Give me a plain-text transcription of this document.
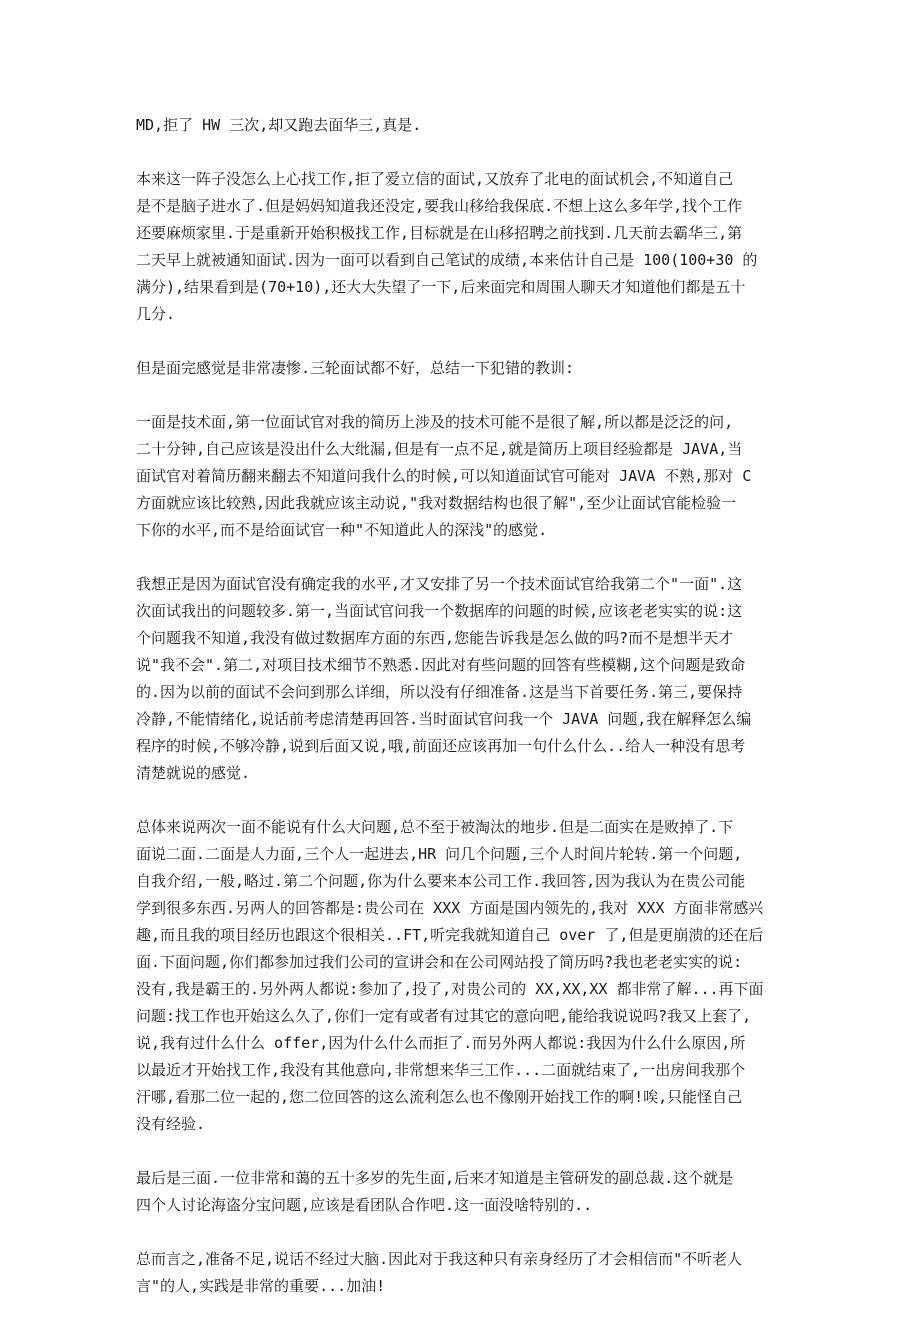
MD,拒了 HW 三次,却又跑去面华三,真是.
本来这一阵子没怎么上心找工作,拒了爱立信的面试,又放弃了北电的面试机会,不知道自己
是不是脑子进水了.但是妈妈知道我还没定,要我山移给我保底.不想上这么多年学,找个工作
还要麻烦家里.于是重新开始积极找工作,目标就是在山移招聘之前找到.几天前去霸华三,第
二天早上就被通知面试.因为一面可以看到自己笔试的成绩,本来估计自己是 100(100+30 的
满分),结果看到是(70+10),还大大失望了一下,后来面完和周围人聊天才知道他们都是五十
几分.
但是面完感觉是非常凄惨.三轮面试都不好，总结一下犯错的教训:
一面是技术面,第一位面试官对我的简历上涉及的技术可能不是很了解,所以都是泛泛的问,
二十分钟,自己应该是没出什么大纰漏,但是有一点不足,就是简历上项目经验都是 JAVA,当
面试官对着简历翻来翻去不知道问我什么的时候,可以知道面试官可能对 JAVA 不熟,那对 C
方面就应该比较熟,因此我就应该主动说,"我对数据结构也很了解",至少让面试官能检验一
下你的水平,而不是给面试官一种"不知道此人的深浅"的感觉.
我想正是因为面试官没有确定我的水平,才又安排了另一个技术面试官给我第二个"一面".这
次面试我出的问题较多.第一,当面试官问我一个数据库的问题的时候,应该老老实实的说:这
个问题我不知道,我没有做过数据库方面的东西,您能告诉我是怎么做的吗?而不是想半天才
说"我不会".第二,对项目技术细节不熟悉.因此对有些问题的回答有些模糊,这个问题是致命
的.因为以前的面试不会问到那么详细，所以没有仔细准备.这是当下首要任务.第三,要保持
冷静,不能情绪化,说话前考虑清楚再回答.当时面试官问我一个 JAVA 问题,我在解释怎么编
程序的时候,不够冷静,说到后面又说,哦,前面还应该再加一句什么什么..给人一种没有思考
清楚就说的感觉.
总体来说两次一面不能说有什么大问题,总不至于被淘汰的地步.但是二面实在是败掉了.下
面说二面.二面是人力面,三个人一起进去,HR 问几个问题,三个人时间片轮转.第一个问题,
自我介绍,一般,略过.第二个问题,你为什么要来本公司工作.我回答,因为我认为在贵公司能
学到很多东西.另两人的回答都是:贵公司在 XXX 方面是国内领先的,我对 XXX 方面非常感兴
趣,而且我的项目经历也跟这个很相关..FT,听完我就知道自己 over 了,但是更崩溃的还在后
面.下面问题,你们都参加过我们公司的宣讲会和在公司网站投了简历吗?我也老老实实的说:
没有,我是霸王的.另外两人都说:参加了,投了,对贵公司的 XX,XX,XX 都非常了解...再下面
问题:找工作也开始这么久了,你们一定有或者有过其它的意向吧,能给我说说吗?我又上套了,
说,我有过什么什么 offer,因为什么什么而拒了.而另外两人都说:我因为什么什么原因,所
以最近才开始找工作,我没有其他意向,非常想来华三工作...二面就结束了,一出房间我那个
汗哪,看那二位一起的,您二位回答的这么流利怎么也不像刚开始找工作的啊!唉,只能怪自己
没有经验.
最后是三面.一位非常和蔼的五十多岁的先生面,后来才知道是主管研发的副总裁.这个就是
四个人讨论海盗分宝问题,应该是看团队合作吧.这一面没啥特别的..
总而言之,准备不足,说话不经过大脑.因此对于我这种只有亲身经历了才会相信而"不听老人
言"的人,实践是非常的重要...加油!
